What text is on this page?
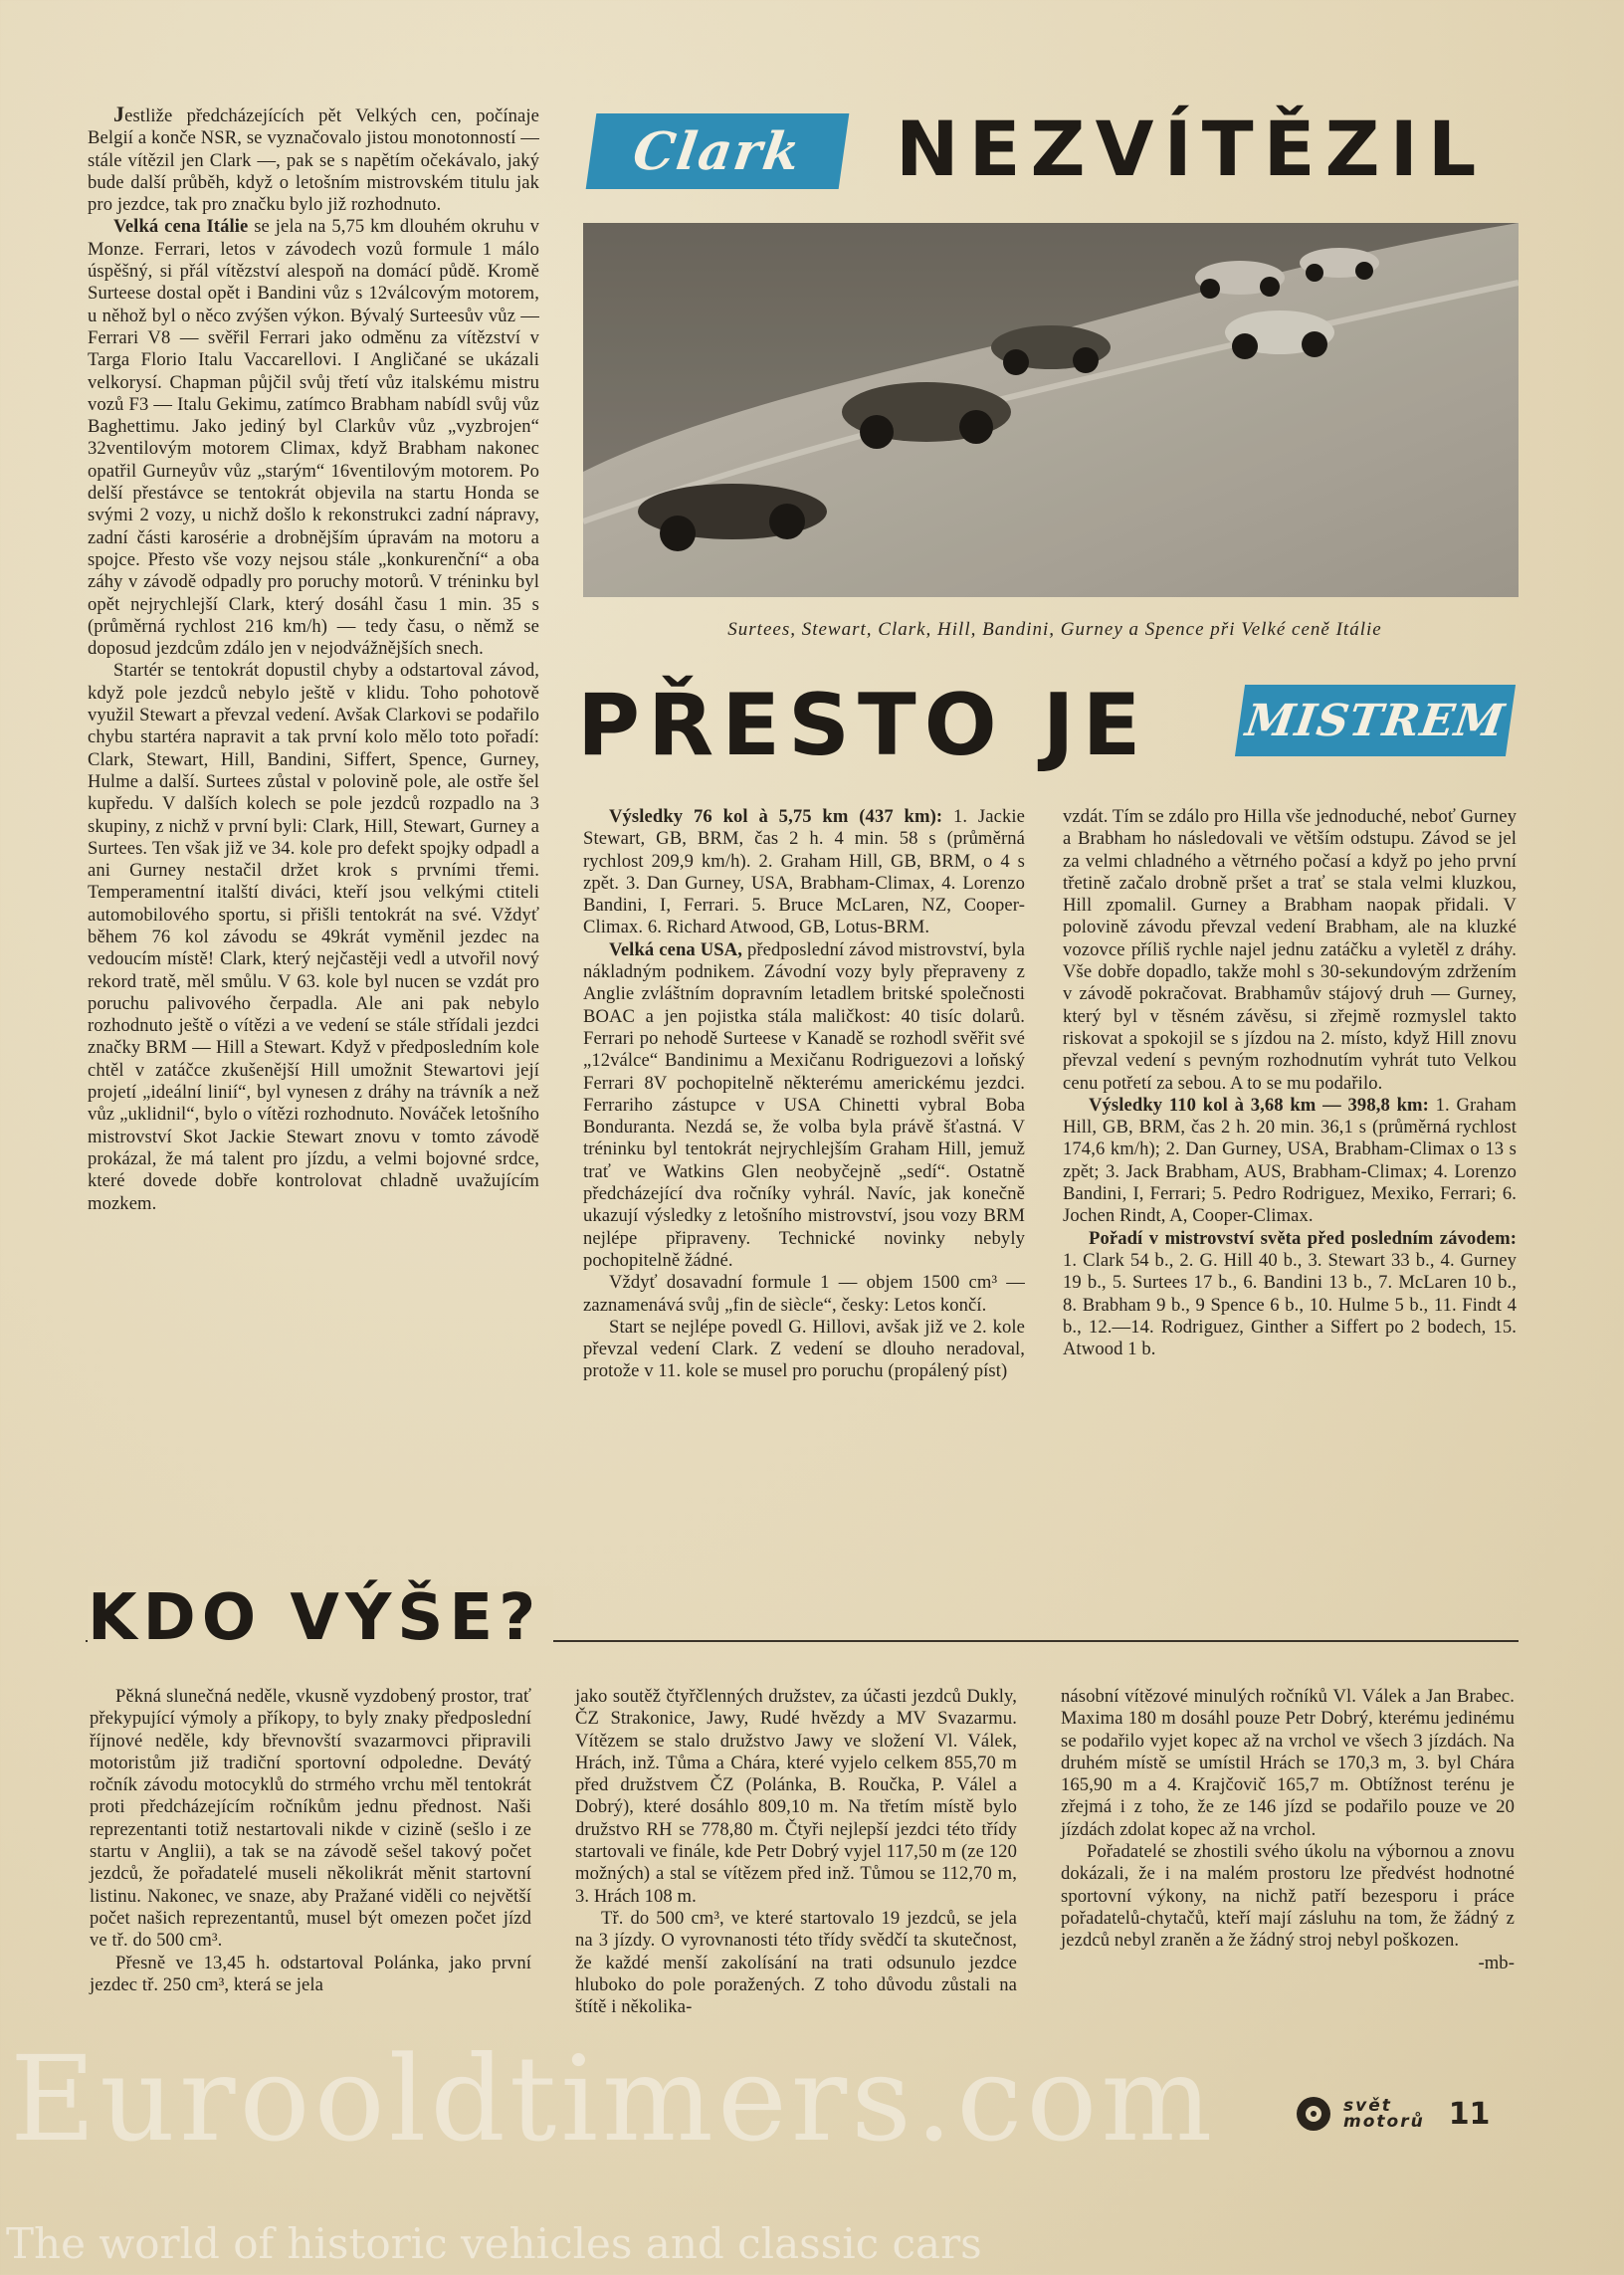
Clark NEZVÍTĚZIL
Surtees, Stewart, Clark, Hill, Bandini, Gurney a Spence při Velké ceně Itálie
PŘESTO JE MISTREM

Jestliže předcházejících pět Velkých cen, počínaje Belgií a konče NSR, se vyznačovalo jistou monotonností — stále vítězil jen Clark —, pak se s napětím očekávalo, jaký bude další průběh, když o letošním mistrovském titulu jak pro jezdce, tak pro značku bylo již rozhodnuto.

Velká cena Itálie se jela na 5,75 km dlouhém okruhu v Monze. Ferrari, letos v závodech vozů formule 1 málo úspěšný, si přál vítězství alespoň na domácí půdě. Kromě Surteese dostal opět i Bandini vůz s 12válcovým motorem, u něhož byl o něco zvýšen výkon. Bývalý Surteesův vůz — Ferrari V8 — svěřil Ferrari jako odměnu za vítězství v Targa Florio Italu Vaccarellovi. I Angličané se ukázali velkorysí. Chapman půjčil svůj třetí vůz italskému mistru vozů F3 — Italu Gekimu, zatímco Brabham nabídl svůj vůz Baghettimu. Jako jediný byl Clarkův vůz „vyzbrojen“ 32ventilovým motorem Climax, když Brabham nakonec opatřil Gurneyův vůz „starým“ 16ventilovým motorem. Po delší přestávce se tentokrát objevila na startu Honda se svými 2 vozy, u nichž došlo k rekonstrukci zadní nápravy, zadní části karosérie a drobnějším úpravám na motoru a spojce. Přesto vše vozy nejsou stále „konkurenční“ a oba záhy v závodě odpadly pro poruchy motorů. V tréninku byl opět nejrychlejší Clark, který dosáhl času 1 min. 35 s (průměrná rychlost 216 km/h) — tedy času, o němž se doposud jezdcům zdálo jen v nejodvážnějších snech.

Startér se tentokrát dopustil chyby a odstartoval závod, když pole jezdců nebylo ještě v klidu. Toho pohotově využil Stewart a převzal vedení. Avšak Clarkovi se podařilo chybu startéra napravit a tak první kolo mělo toto pořadí: Clark, Stewart, Hill, Bandini, Siffert, Spence, Gurney, Hulme a další. Surtees zůstal v polovině pole, ale ostře šel kupředu. V dalších kolech se pole jezdců rozpadlo na 3 skupiny, z nichž v první byli: Clark, Hill, Stewart, Gurney a Surtees. Ten však již ve 34. kole pro defekt spojky odpadl a ani Gurney nestačil držet krok s prvními třemi. Temperamentní italští diváci, kteří jsou velkými ctiteli automobilového sportu, si přišli tentokrát na své. Vždyť během 76 kol závodu se 49krát vyměnil jezdec na vedoucím místě! Clark, který nejčastěji vedl a utvořil nový rekord tratě, měl smůlu. V 63. kole byl nucen se vzdát pro poruchu palivového čerpadla. Ale ani pak nebylo rozhodnuto ještě o vítězi a ve vedení se stále střídali jezdci značky BRM — Hill a Stewart. Když v předposledním kole chtěl v zatáčce zkušenější Hill umožnit Stewartovi její projetí „ideální linií“, byl vynesen z dráhy na trávník a než vůz „uklidnil“, bylo o vítězi rozhodnuto. Nováček letošního mistrovství Skot Jackie Stewart znovu v tomto závodě prokázal, že má talent pro jízdu, a velmi bojovné srdce, které dovede dobře kontrolovat chladně uvažujícím mozkem.

Výsledky 76 kol à 5,75 km (437 km): 1. Jackie Stewart, GB, BRM, čas 2 h. 4 min. 58 s (průměrná rychlost 209,9 km/h). 2. Graham Hill, GB, BRM, o 4 s zpět. 3. Dan Gurney, USA, Brabham-Climax, 4. Lorenzo Bandini, I, Ferrari. 5. Bruce McLaren, NZ, Cooper-Climax. 6. Richard Atwood, GB, Lotus-BRM.

Velká cena USA, předposlední závod mistrovství, byla nákladným podnikem. Závodní vozy byly přepraveny z Anglie zvláštním dopravním letadlem britské společnosti BOAC a jen pojistka stála maličkost: 40 tisíc dolarů. Ferrari po nehodě Surteese v Kanadě se rozhodl svěřit své „12válce“ Bandinimu a Mexičanu Rodriguezovi a loňský Ferrari 8V pochopitelně některému americkému jezdci. Ferrariho zástupce v USA Chinetti vybral Boba Bonduranta. Nezdá se, že volba byla právě šťastná. V tréninku byl tentokrát nejrychlejším Graham Hill, jemuž trať ve Watkins Glen neobyčejně „sedí“. Ostatně předcházející dva ročníky vyhrál. Navíc, jak konečně ukazují výsledky z letošního mistrovství, jsou vozy BRM nejlépe připraveny. Technické novinky nebyly pochopitelně žádné.

Vždyť dosavadní formule 1 — objem 1500 cm³ — zaznamenává svůj „fin de siècle“, česky: Letos končí.

Start se nejlépe povedl G. Hillovi, avšak již ve 2. kole převzal vedení Clark. Z vedení se dlouho neradoval, protože v 11. kole se musel pro poruchu (propálený píst)

vzdát. Tím se zdálo pro Hilla vše jednoduché, neboť Gurney a Brabham ho následovali ve větším odstupu. Závod se jel za velmi chladného a větrného počasí a když po jeho první třetině začalo drobně pršet a trať se stala velmi kluzkou, Hill zpomalil. Gurney a Brabham naopak přidali. V polovině závodu převzal vedení Brabham, ale na kluzké vozovce příliš rychle najel jednu zatáčku a vyletěl z dráhy. Vše dobře dopadlo, takže mohl s 30-sekundovým zdržením v závodě pokračovat. Brabhamův stájový druh — Gurney, který byl v těsném závěsu, si zřejmě rozmyslel takto riskovat a spokojil se s jízdou na 2. místo, když Hill znovu převzal vedení s pevným rozhodnutím vyhrát tuto Velkou cenu potřetí za sebou. A to se mu podařilo.

Výsledky 110 kol à 3,68 km — 398,8 km: 1. Graham Hill, GB, BRM, čas 2 h. 20 min. 36,1 s (průměrná rychlost 174,6 km/h); 2. Dan Gurney, USA, Brabham-Climax o 13 s zpět; 3. Jack Brabham, AUS, Brabham-Climax; 4. Lorenzo Bandini, I, Ferrari; 5. Pedro Rodriguez, Mexiko, Ferrari; 6. Jochen Rindt, A, Cooper-Climax.

Pořadí v mistrovství světa před posledním závodem: 1. Clark 54 b., 2. G. Hill 40 b., 3. Stewart 33 b., 4. Gurney 19 b., 5. Surtees 17 b., 6. Bandini 13 b., 7. McLaren 10 b., 8. Brabham 9 b., 9 Spence 6 b., 10. Hulme 5 b., 11. Findt 4 b., 12.—14. Rodriguez, Ginther a Siffert po 2 bodech, 15. Atwood 1 b.

KDO VÝŠE?

Pěkná slunečná neděle, vkusně vyzdobený prostor, trať překypující výmoly a příkopy, to byly znaky předposlední říjnové neděle, kdy břevnovští svazarmovci připravili motoristům již tradiční sportovní odpoledne. Devátý ročník závodu motocyklů do strmého vrchu měl tentokrát proti předcházejícím ročníkům jednu přednost. Naši reprezentanti totiž nestartovali nikde v cizině (sešlo i ze startu v Anglii), a tak se na závodě sešel takový počet jezdců, že pořadatelé museli několikrát měnit startovní listinu. Nakonec, ve snaze, aby Pražané viděli co největší počet našich reprezentantů, musel být omezen počet jízd ve tř. do 500 cm³.

Přesně ve 13,45 h. odstartoval Polánka, jako první jezdec tř. 250 cm³, která se jela

jako soutěž čtyřčlenných družstev, za účasti jezdců Dukly, ČZ Strakonice, Jawy, Rudé hvězdy a MV Svazarmu. Vítězem se stalo družstvo Jawy ve složení Vl. Válek, Hrách, inž. Tůma a Chára, které vyjelo celkem 855,70 m před družstvem ČZ (Polánka, B. Roučka, P. Válel a Dobrý), které dosáhlo 809,10 m. Na třetím místě bylo družstvo RH se 778,80 m. Čtyři nejlepší jezdci této třídy startovali ve finále, kde Petr Dobrý vyjel 117,50 m (ze 120 možných) a stal se vítězem před inž. Tůmou se 112,70 m, 3. Hrách 108 m.

Tř. do 500 cm³, ve které startovalo 19 jezdců, se jela na 3 jízdy. O vyrovnanosti této třídy svědčí ta skutečnost, že každé menší zakolísání na trati odsunulo jezdce hluboko do pole poražených. Z toho důvodu zůstali na štítě i několika-

násobní vítězové minulých ročníků Vl. Válek a Jan Brabec. Maxima 180 m dosáhl pouze Petr Dobrý, kterému jedinému se podařilo vyjet kopec až na vrchol ve všech 3 jízdách. Na druhém místě se umístil Hrách se 170,3 m, 3. byl Chára 165,90 m a 4. Krajčovič 165,7 m. Obtížnost terénu je zřejmá i z toho, že ze 146 jízd se podařilo pouze ve 20 jízdách zdolat kopec až na vrchol.

Pořadatelé se zhostili svého úkolu na výbornou a znovu dokázali, že i na malém prostoru lze předvést hodnotné sportovní výkony, na nichž patří bezesporu i práce pořadatelů-chytačů, kteří mají zásluhu na tom, že žádný z jezdců nebyl zraněn a že žádný stroj nebyl poškozen.

-mb-

svět
motorů 11
Eurooldtimers.com
The world of historic vehicles and classic cars
